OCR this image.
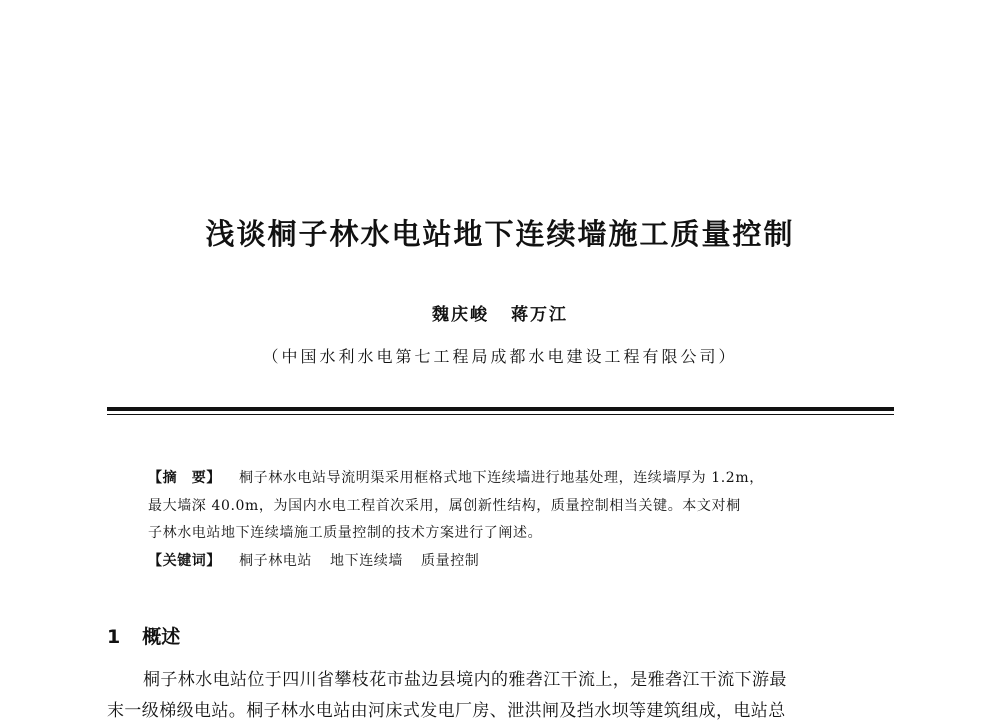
浅谈桐子林水电站地下连续墙施工质量控制
魏庆峻 蒋万江
（中国水利水电第七工程局成都水电建设工程有限公司）
【摘　要】 桐子林水电站导流明渠采用框格式地下连续墙进行地基处理，连续墙厚为 1.2m，
最大墙深 40.0m，为国内水电工程首次采用，属创新性结构，质量控制相当关键。本文对桐
子林水电站地下连续墙施工质量控制的技术方案进行了阐述。
【关键词】 桐子林电站 地下连续墙 质量控制
1 概述
桐子林水电站位于四川省攀枝花市盐边县境内的雅砻江干流上，是雅砻江干流下游最
末一级梯级电站。桐子林水电站由河床式发电厂房、泄洪闸及挡水坝等建筑组成，电站总
